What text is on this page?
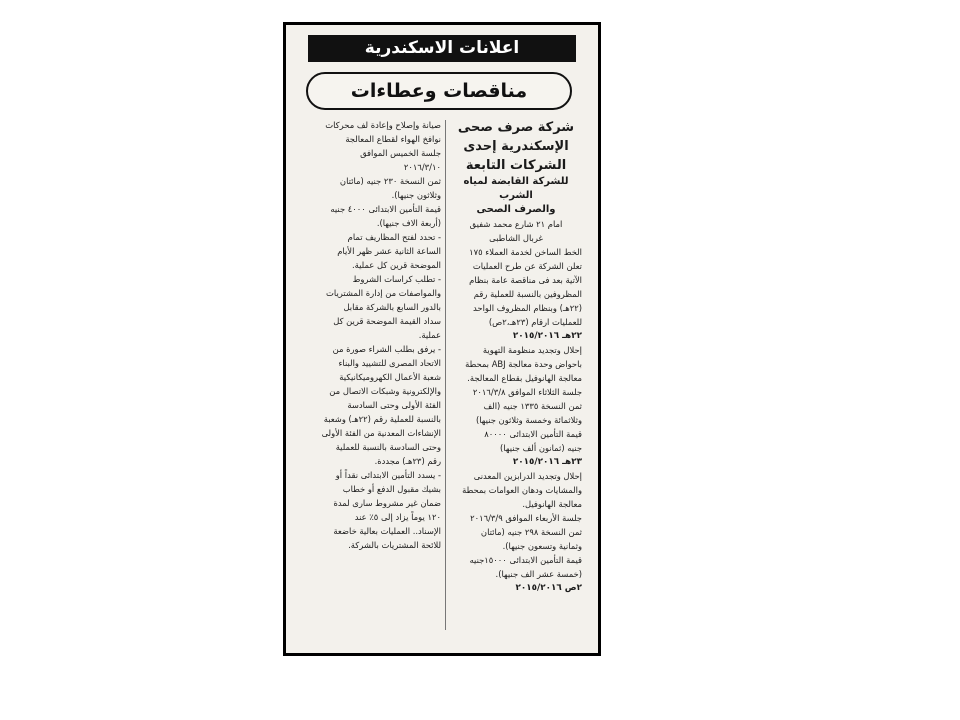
اعلانات الاسكندرية
مناقصات وعطاءات

شركة صرف صحى

الإسكندرية إحدى

الشركات التابعة

للشركة القابضة لمياه الشرب

والصرف الصحى

امام ٢١ شارع محمد شفيق

غربال الشاطبى

الخط الساخن لخدمة العملاء ١٧٥

تعلن الشركة عن طرح العمليات

الآتية بعد فى مناقصة عامة بنظام

المظروفين بالنسبة للعملية رقم

(٢٢هـ) وبنظام المظروف الواحد

للعمليات ارقام (٢٣هـ،٢ص)

٢٢هـ ٢٠١٥/٢٠١٦

إحلال وتجديد منظومة التهوية

باحواض وحدة معالجة ABJ بمحطة

معالجة الهانوفيل بقطاع المعالجة.

جلسة الثلاثاء الموافق ٢٠١٦/٣/٨

ثمن النسخة ١٣٣٥ جنيه (الف

وثلاثمائة وخمسة وثلاثون جنيها)

قيمة التأمين الابتدائى ٨٠٠٠٠

جنيه (ثمانون ألف جنيها)

٢٣هـ ٢٠١٥/٢٠١٦

إحلال وتجديد الدرابزين المعدنى

والمشايات ودهان العوامات بمحطة

معالجة الهانوفيل.

جلسة الأربعاء الموافق ٢٠١٦/٣/٩

ثمن النسخة ٢٩٨ جنيه (مائتان

وثمانية وتسعون جنيها).

قيمة التأمين الابتدائى ١٥٠٠٠جنيه

(خمسة عشر الف جنيها).

٢ص ٢٠١٥/٢٠١٦

صيانة وإصلاح وإعادة لف محركات

نوافخ الهواء لقطاع المعالجة

جلسة الخميس الموافق

٢٠١٦/٣/١٠

ثمن النسخة ٢٣٠ جنيه (مائتان

وثلاثون جنيها).

قيمة التأمين الابتدائى ٤٠٠٠ جنيه

(أربعة الاف جنيها).

- تحدد لفتح المظاريف تمام

الساعة الثانية عشر ظهر الأيام

الموضحة قرين كل عملية.

- تطلب كراسات الشروط

والمواصفات من إدارة المشتريات

بالدور السابع بالشركة مقابل

سداد القيمة الموضحة قرين كل

عملية.

- يرفق بطلب الشراء صورة من

الاتحاد المصرى للتشييد والبناء

شعبة الأعمال الكهروميكانيكية

والإلكترونية وشبكات الاتصال من

الفئة الأولى وحتى السادسة

بالنسبة للعملية رقم (٢٢هـ) وشعبة

الإنشاءات المعدنية من الفئة الأولى

وحتى السادسة بالنسبة للعملية

رقم (٢٣هـ) مجددة.

- يسدد التأمين الابتدائى نقداً أو

بشيك مقبول الدفع أو خطاب

ضمان غير مشروط سارى لمدة

١٢٠ يوماً يزاد إلى ٥٪ عند

الإسناد.. العمليات بعالية خاضعة

للائحة المشتريات بالشركة.
